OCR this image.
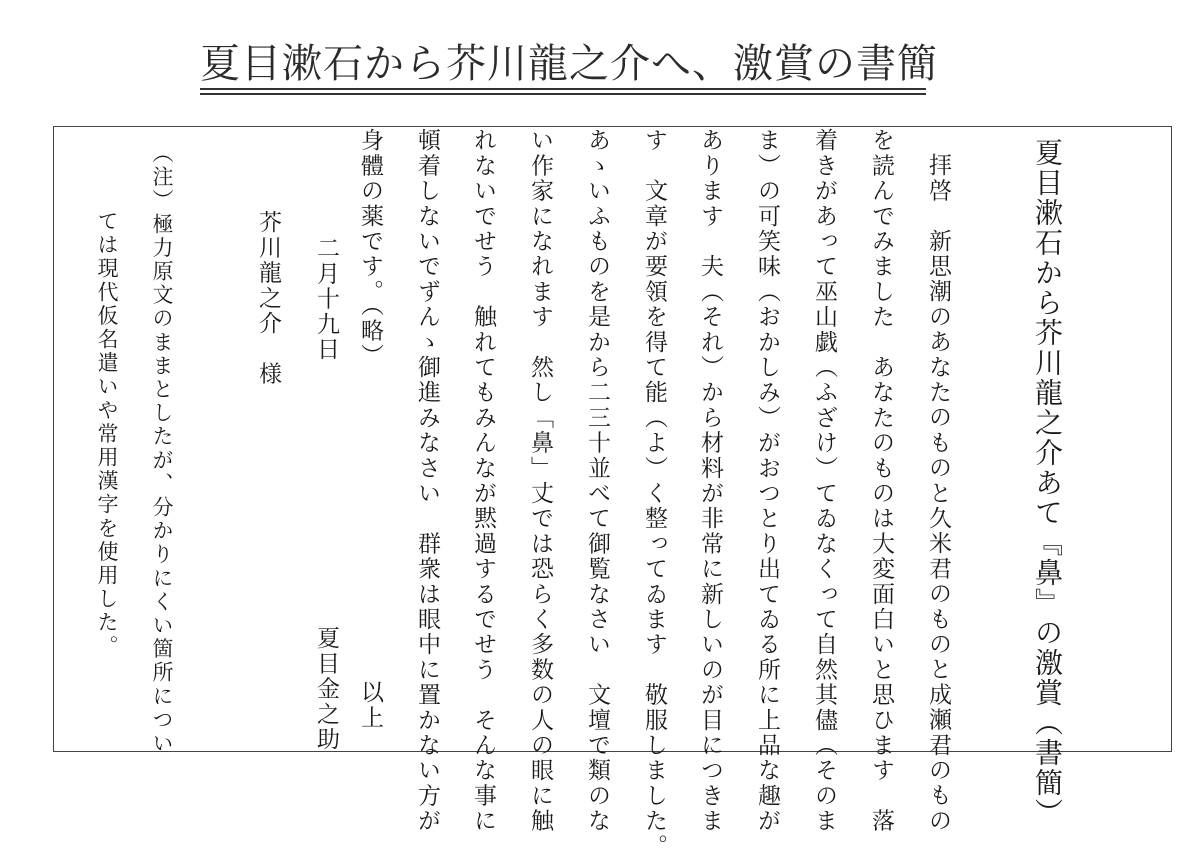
夏目漱石から芥川龍之介へ、激賞の書簡
夏目漱石から芥川龍之介あて『鼻』の激賞（書簡）
拝啓　新思潮のあなたのものと久米君のものと成瀬君のもの
を読んでみました　あなたのものは大変面白いと思ひます　落
着きがあって巫山戯（ふざけ）てゐなくって自然其儘（そのま
ま）の可笑味（おかしみ）がおつとり出てゐる所に上品な趣が
あります　夫（それ）から材料が非常に新しいのが目につきま
す　文章が要領を得て能（よ）く整ってゐます　敬服しました。
あゝいふものを是から二三十並べて御覧なさい　文壇で類のな
い作家になれます　然し「鼻」丈では恐らく多数の人の眼に触
れないでせう　触れてもみんなが黙過するでせう　そんな事に
頓着しないでずんゝ御進みなさい　群衆は眼中に置かない方が
身體の薬です。（略）
以上
二月十九日
夏目金之助
芥川龍之介　様
（注）極力原文のままとしたが、分かりにくい箇所につい
ては現代仮名遣いや常用漢字を使用した。
